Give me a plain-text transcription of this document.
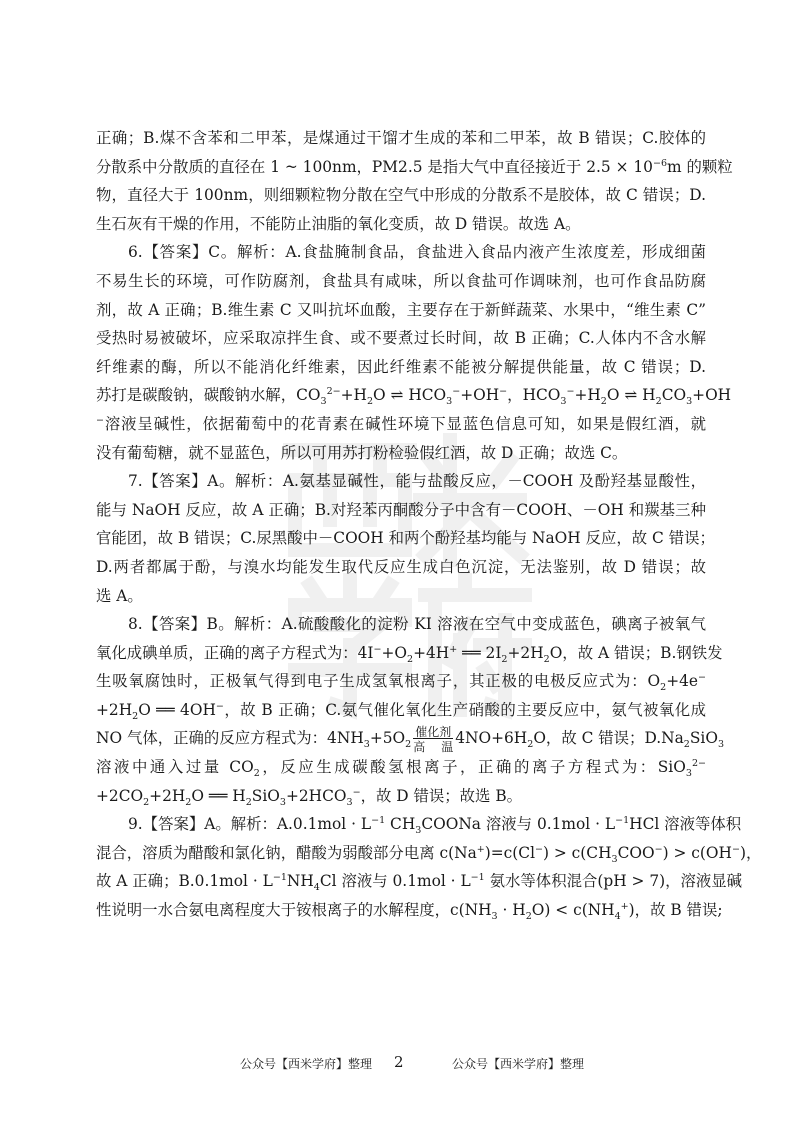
正确；B.煤不含苯和二甲苯，是煤通过干馏才生成的苯和二甲苯，故 B 错误；C.胶体的
分散系中分散质的直径在 1 ~ 100nm，PM2.5 是指大气中直径接近于 $2.5 \times 10^{-6}m$ 的颗粒
物，直径大于 100nm，则细颗粒物分散在空气中形成的分散系不是胶体，故 C 错误；D.
生石灰有干燥的作用，不能防止油脂的氧化变质，故 D 错误。故选 A。
6.【答案】C。解析：A.食盐腌制食品，食盐进入食品内液产生浓度差，形成细菌
不易生长的环境，可作防腐剂，食盐具有咸味，所以食盐可作调味剂，也可作食品防腐
剂，故 A 正确；B.维生素 C 又叫抗坏血酸，主要存在于新鲜蔬菜、水果中，“维生素 C”
受热时易被破坏，应采取凉拌生食、或不要煮过长时间，故 B 正确；C.人体内不含水解
纤维素的酶，所以不能消化纤维素，因此纤维素不能被分解提供能量，故 C 错误；D.
苏打是碳酸钠，碳酸钠水解，$CO_3^{2-}+H_2O$ ⇌ $HCO_3^-+OH^-$，$HCO_3^-+H_2O$ ⇌ $H_2CO_3+OH$
−溶液呈碱性，依据葡萄中的花青素在碱性环境下显蓝色信息可知，如果是假红酒，就
没有葡萄糖，就不显蓝色，所以可用苏打粉检验假红酒，故 D 正确；故选 C。
7.【答案】A。解析：A.氨基显碱性，能与盐酸反应，－COOH 及酚羟基显酸性，
能与 NaOH 反应，故 A 正确；B.对羟苯丙酮酸分子中含有－COOH、－OH 和羰基三种
官能团，故 B 错误；C.尿黑酸中－COOH 和两个酚羟基均能与 NaOH 反应，故 C 错误；
D.两者都属于酚，与溴水均能发生取代反应生成白色沉淀，无法鉴别，故 D 错误；故
选 A。
8.【答案】B。解析：A.硫酸酸化的淀粉 KI 溶液在空气中变成蓝色，碘离子被氧气
氧化成碘单质，正确的离子方程式为：$4I^-+O_2+4H^+$ ══ $2I_2+2H_2O$，故 A 错误；B.钢铁发
生吸氧腐蚀时，正极氧气得到电子生成氢氧根离子，其正极的电极反应式为：$O_2+4e^-$
$+2H_2O$ ══ 4OH−，故 B 正确；C.氨气催化氧化生产硝酸的主要反应中，氨气被氧化成
NO 气体，正确的反应方程式为：$4NH_3+5O_2$
催化剂
高温 $4NO+6H_2O$，故 C 错误；$D.Na_2SiO_3$
溶液中通入过量 $CO_2$，反应生成碳酸氢根离子，正确的离子方程式为：SiO$_3^{2-}$
$+2CO_2+2H_2O$ ══ $H_2SiO_3+2HCO_3^-$，故 D 错误；故选 B。
9.【答案】A。解析：$A.0.1mol \cdot L^{-1}$ $CH_3COONa$ 溶液与 $0.1mol \cdot L^{-1}HCl$ 溶液等体积
混合，溶质为醋酸和氯化钠，醋酸为弱酸部分电离 $c(Na^+)=c(Cl^-) > c(CH_3COO^-) > c(OH^-)$，
故 A 正确；$B.0.1mol \cdot L^{-1}NH_4Cl$ 溶液与 $0.1mol \cdot L^{-1}$ 氨水等体积混合(pH > 7)，溶液显碱
性说明一水合氨电离程度大于铵根离子的水解程度，$c(NH_3 \cdot H_2O) < c(NH_4^+)$，故 B 错误;
公众号【西米学府】整理 2	公众号【西米学府】整理
